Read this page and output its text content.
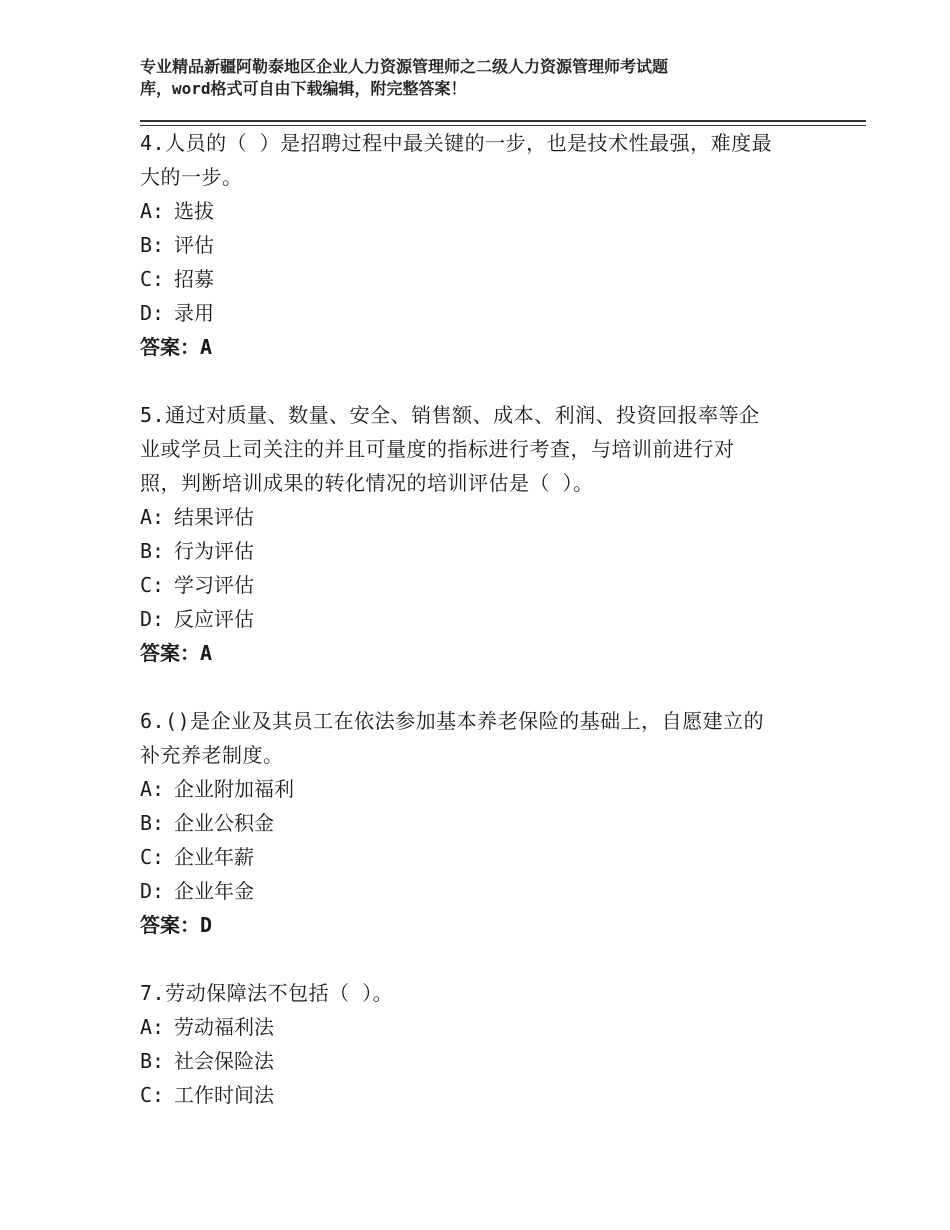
专业精品新疆阿勒泰地区企业人力资源管理师之二级人力资源管理师考试题
库，word格式可自由下载编辑，附完整答案！
4.人员的（ ）是招聘过程中最关键的一步，也是技术性最强，难度最
大的一步。
A: 选拔
B: 评估
C: 招募
D: 录用
答案：A
5.通过对质量、数量、安全、销售额、成本、利润、投资回报率等企
业或学员上司关注的并且可量度的指标进行考查，与培训前进行对
照，判断培训成果的转化情况的培训评估是（ ）。
A: 结果评估
B: 行为评估
C: 学习评估
D: 反应评估
答案：A
6.()是企业及其员工在依法参加基本养老保险的基础上，自愿建立的
补充养老制度。
A: 企业附加福利
B: 企业公积金
C: 企业年薪
D: 企业年金
答案：D
7.劳动保障法不包括（ ）。
A: 劳动福利法
B: 社会保险法
C: 工作时间法
